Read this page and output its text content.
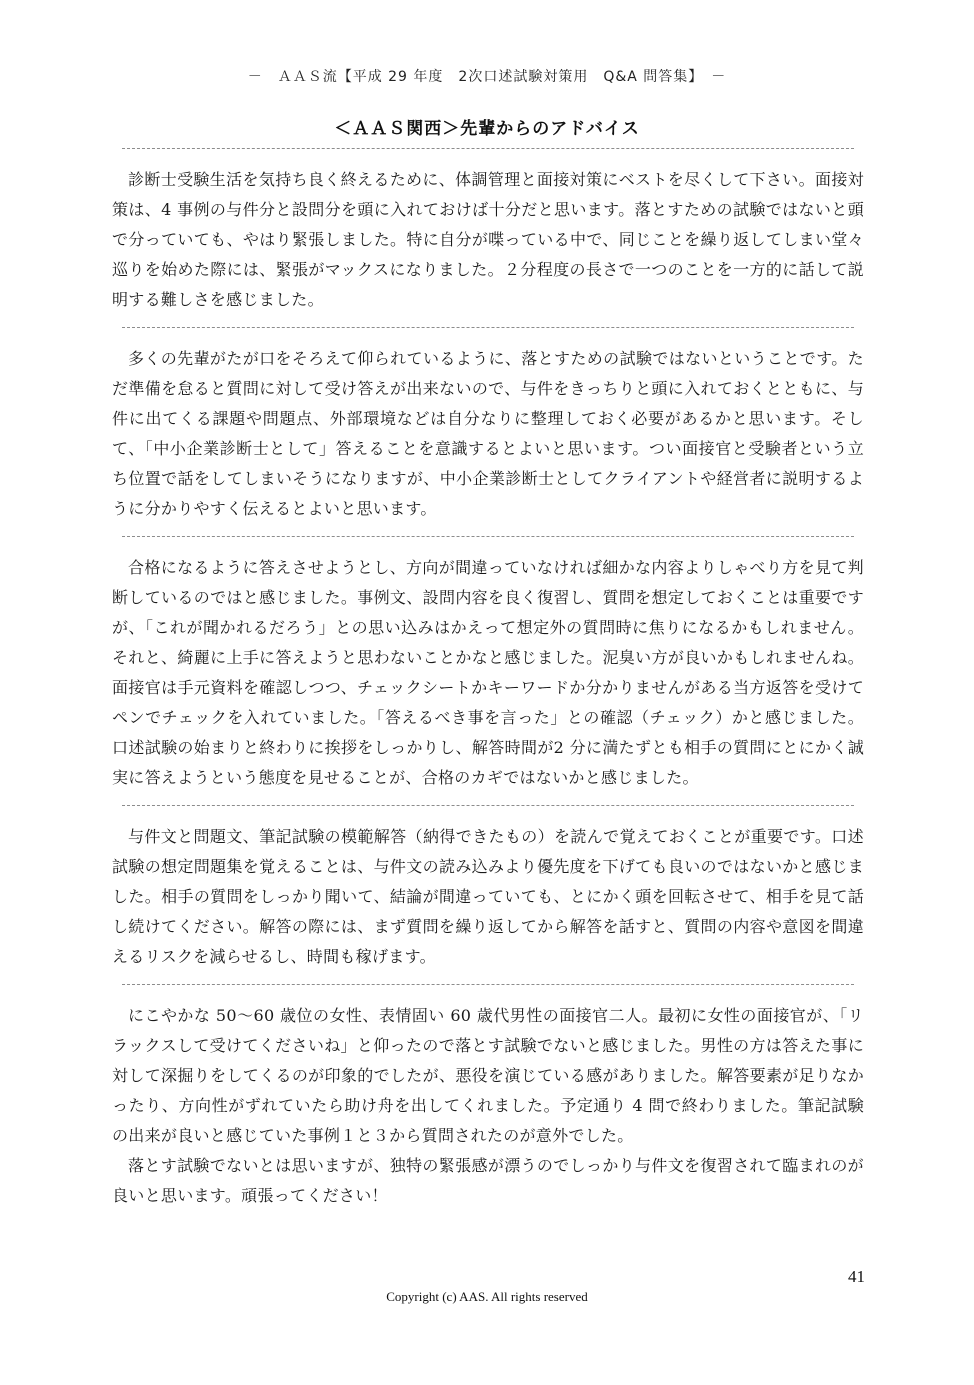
－　ＡＡＳ流【平成 29 年度　2次口述試験対策用　Q&A 問答集】　－
＜ＡＡＳ関西＞先輩からのアドバイス

診断士受験生活を気持ち良く終えるために、体調管理と面接対策にベストを尽くして下さい。面接対策は、4 事例の与件分と設問分を頭に入れておけば十分だと思います。落とすための試験ではないと頭で分っていても、やはり緊張しました。特に自分が喋っている中で、同じことを繰り返してしまい堂々巡りを始めた際には、緊張がマックスになりました。２分程度の長さで一つのことを一方的に話して説明する難しさを感じました。

多くの先輩がたが口をそろえて仰られているように、落とすための試験ではないということです。ただ準備を怠ると質問に対して受け答えが出来ないので、与件をきっちりと頭に入れておくとともに、与件に出てくる課題や問題点、外部環境などは自分なりに整理しておく必要があるかと思います。そして、「中小企業診断士として」答えることを意識するとよいと思います。つい面接官と受験者という立ち位置で話をしてしまいそうになりますが、中小企業診断士としてクライアントや経営者に説明するように分かりやすく伝えるとよいと思います。

合格になるように答えさせようとし、方向が間違っていなければ細かな内容よりしゃべり方を見て判断しているのではと感じました。事例文、設問内容を良く復習し、質問を想定しておくことは重要ですが、「これが聞かれるだろう」との思い込みはかえって想定外の質問時に焦りになるかもしれません。それと、綺麗に上手に答えようと思わないことかなと感じました。泥臭い方が良いかもしれませんね。面接官は手元資料を確認しつつ、チェックシートかキーワードか分かりませんがある当方返答を受けてペンでチェックを入れていました。「答えるべき事を言った」との確認（チェック）かと感じました。口述試験の始まりと終わりに挨拶をしっかりし、解答時間が2 分に満たずとも相手の質問にとにかく誠実に答えようという態度を見せることが、合格のカギではないかと感じました。

与件文と問題文、筆記試験の模範解答（納得できたもの）を読んで覚えておくことが重要です。口述試験の想定問題集を覚えることは、与件文の読み込みより優先度を下げても良いのではないかと感じました。相手の質問をしっかり聞いて、結論が間違っていても、とにかく頭を回転させて、相手を見て話し続けてください。解答の際には、まず質問を繰り返してから解答を話すと、質問の内容や意図を間違えるリスクを減らせるし、時間も稼げます。

にこやかな 50～60 歳位の女性、表情固い 60 歳代男性の面接官二人。最初に女性の面接官が、「リラックスして受けてくださいね」と仰ったので落とす試験でないと感じました。男性の方は答えた事に対して深掘りをしてくるのが印象的でしたが、悪役を演じている感がありました。解答要素が足りなかったり、方向性がずれていたら助け舟を出してくれました。予定通り 4 問で終わりました。筆記試験の出来が良いと感じていた事例１と３から質問されたのが意外でした。

落とす試験でないとは思いますが、独特の緊張感が漂うのでしっかり与件文を復習されて臨まれのが良いと思います。頑張ってください！

41
Copyright (c) AAS. All rights reserved
